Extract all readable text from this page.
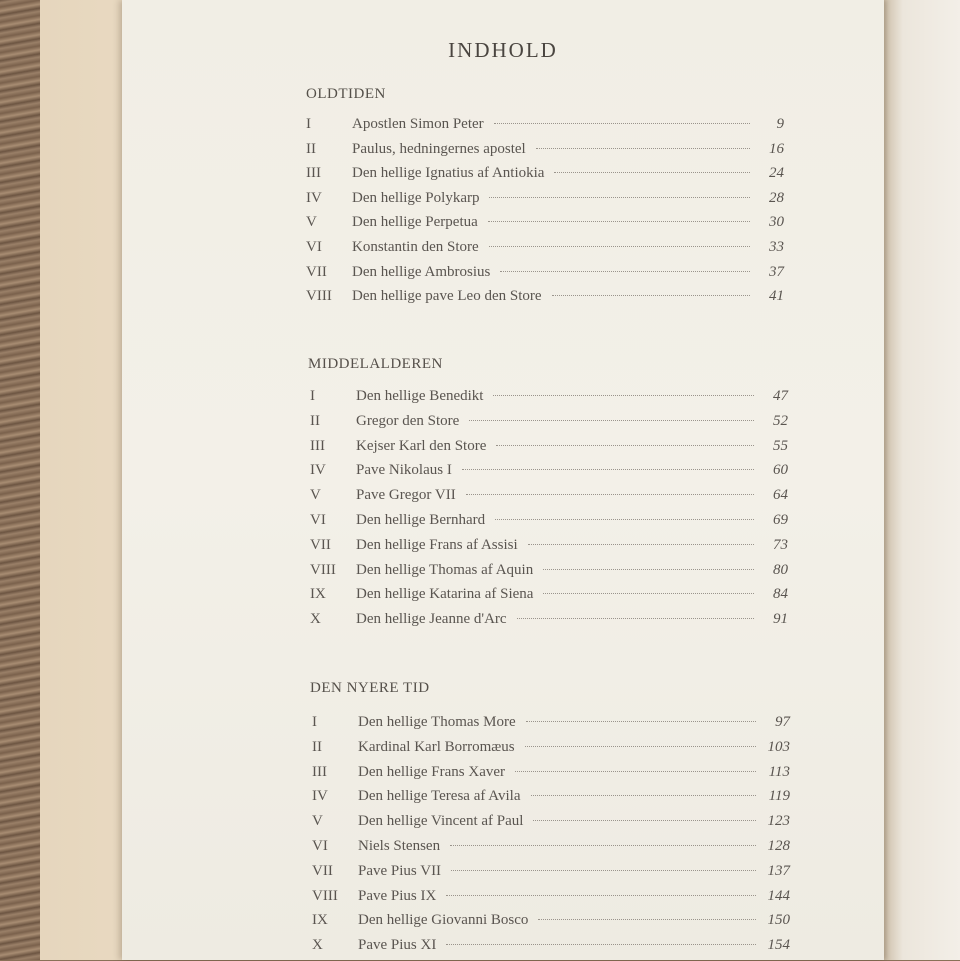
INDHOLD
OLDTIDEN
I	Apostlen Simon Peter	9
II	Paulus, hedningernes apostel	16
III	Den hellige Ignatius af Antiokia	24
IV	Den hellige Polykarp	28
V	Den hellige Perpetua	30
VI	Konstantin den Store	33
VII	Den hellige Ambrosius	37
VIII	Den hellige pave Leo den Store	41
MIDDELALDEREN
I	Den hellige Benedikt	47
II	Gregor den Store	52
III	Kejser Karl den Store	55
IV	Pave Nikolaus I	60
V	Pave Gregor VII	64
VI	Den hellige Bernhard	69
VII	Den hellige Frans af Assisi	73
VIII	Den hellige Thomas af Aquin	80
IX	Den hellige Katarina af Siena	84
X	Den hellige Jeanne d'Arc	91
DEN NYERE TID
I	Den hellige Thomas More	97
II	Kardinal Karl Borromæus	103
III	Den hellige Frans Xaver	113
IV	Den hellige Teresa af Avila	119
V	Den hellige Vincent af Paul	123
VI	Niels Stensen	128
VII	Pave Pius VII	137
VIII	Pave Pius IX	144
IX	Den hellige Giovanni Bosco	150
X	Pave Pius XI	154
